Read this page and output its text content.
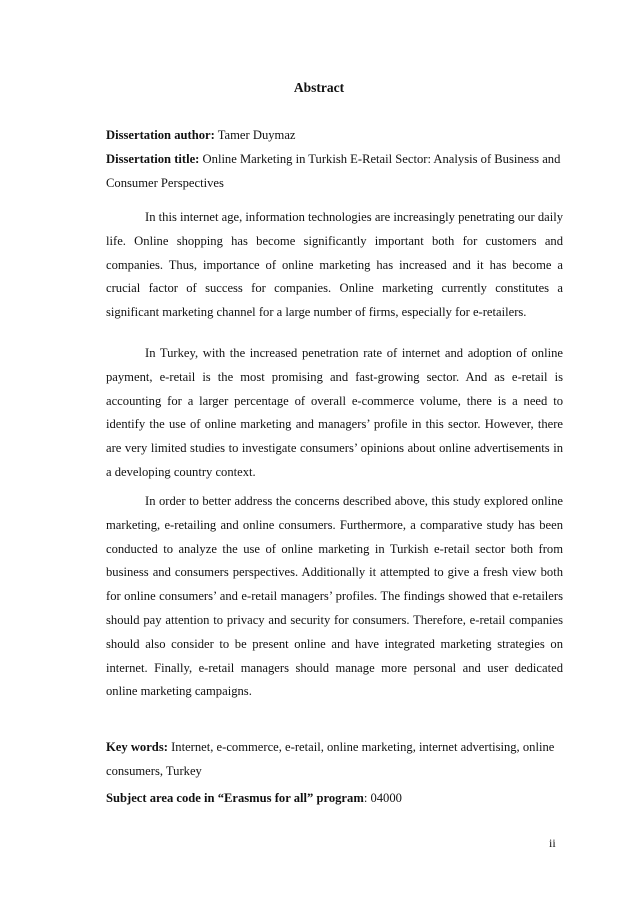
Abstract

Dissertation author: Tamer Duymaz

Dissertation title: Online Marketing in Turkish E-Retail Sector: Analysis of Business and Consumer Perspectives

In this internet age, information technologies are increasingly penetrating our daily life. Online shopping has become significantly important both for customers and companies. Thus, importance of online marketing has increased and it has become a crucial factor of success for companies. Online marketing currently constitutes a significant marketing channel for a large number of firms, especially for e-retailers.

In Turkey, with the increased penetration rate of internet and adoption of online payment, e-retail is the most promising and fast-growing sector. And as e-retail is accounting for a larger percentage of overall e-commerce volume, there is a need to identify the use of online marketing and managers’ profile in this sector. However, there are very limited studies to investigate consumers’ opinions about online advertisements in a developing country context.

In order to better address the concerns described above, this study explored online marketing, e-retailing and online consumers. Furthermore, a comparative study has been conducted to analyze the use of online marketing in Turkish e-retail sector both from business and consumers perspectives. Additionally it attempted to give a fresh view both for online consumers’ and e-retail managers’ profiles. The findings showed that e-retailers should pay attention to privacy and security for consumers. Therefore, e-retail companies should also consider to be present online and have integrated marketing strategies on internet. Finally, e-retail managers should manage more personal and user dedicated online marketing campaigns.

Key words: Internet, e-commerce, e-retail, online marketing, internet advertising, online consumers, Turkey

Subject area code in “Erasmus for all” program: 04000
ii
